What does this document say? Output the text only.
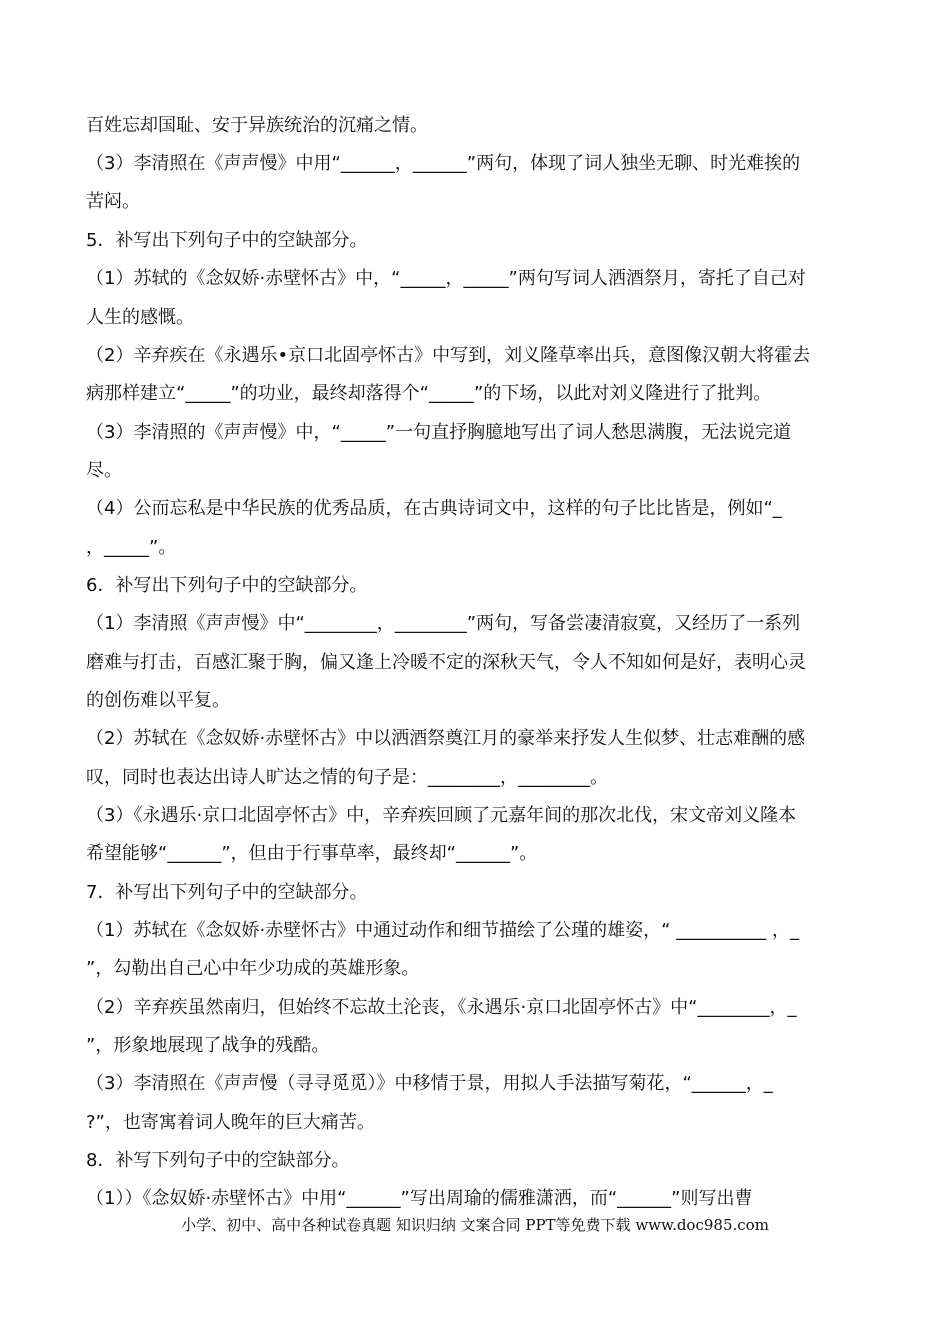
百姓忘却国耻、安于异族统治的沉痛之情。
（3）李清照在《声声慢》中用“______，______”两句，体现了词人独坐无聊、时光难挨的
苦闷。
5．补写出下列句子中的空缺部分。
（1）苏轼的《念奴娇·赤壁怀古》中，“_____，_____”两句写词人洒酒祭月，寄托了自己对
人生的感慨。
（2）辛弃疾在《永遇乐•京口北固亭怀古》中写到，刘义隆草率出兵，意图像汉朝大将霍去
病那样建立“_____”的功业，最终却落得个“_____”的下场，以此对刘义隆进行了批判。
（3）李清照的《声声慢》中，“_____”一句直抒胸臆地写出了词人愁思满腹，无法说完道
尽。
（4）公而忘私是中华民族的优秀品质，在古典诗词文中，这样的句子比比皆是，例如“_
，_____”。
6．补写出下列句子中的空缺部分。
（1）李清照《声声慢》中“________，________”两句，写备尝凄清寂寞，又经历了一系列
磨难与打击，百感汇聚于胸，偏又逢上冷暖不定的深秋天气，令人不知如何是好，表明心灵
的创伤难以平复。
（2）苏轼在《念奴娇·赤壁怀古》中以洒酒祭奠江月的豪举来抒发人生似梦、壮志难酬的感
叹，同时也表达出诗人旷达之情的句子是：________，________。
（3）《永遇乐·京口北固亭怀古》中，辛弃疾回顾了元嘉年间的那次北伐，宋文帝刘义隆本
希望能够“______”，但由于行事草率，最终却“______”。
7．补写出下列句子中的空缺部分。
（1）苏轼在《念奴娇·赤壁怀古》中通过动作和细节描绘了公瑾的雄姿，“ __________ ，_
”，勾勒出自己心中年少功成的英雄形象。
（2）辛弃疾虽然南归，但始终不忘故土沦丧，《永遇乐·京口北固亭怀古》中“________，_
”，形象地展现了战争的残酷。
（3）李清照在《声声慢（寻寻觅觅）》中移情于景，用拟人手法描写菊花，“______，_
?”，也寄寓着词人晚年的巨大痛苦。
8．补写下列句子中的空缺部分。
（1））《念奴娇·赤壁怀古》中用“______”写出周瑜的儒雅潇洒，而“______”则写出曹
小学、初中、高中各种试卷真题 知识归纳 文案合同 PPT等免费下载 www.doc985.com
